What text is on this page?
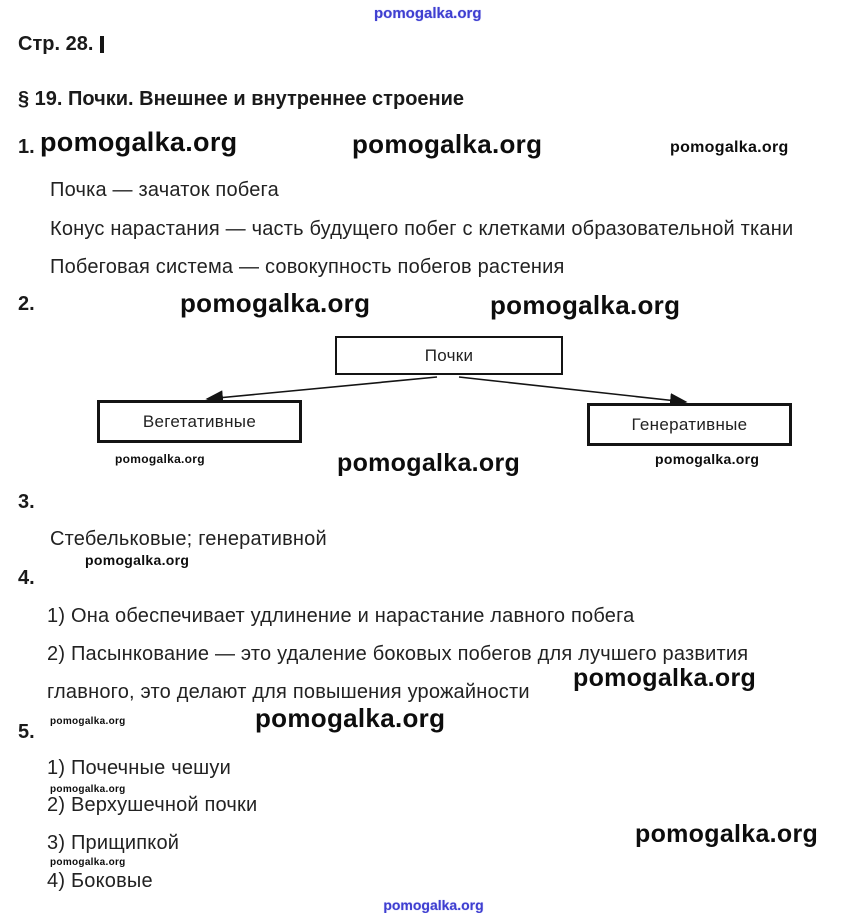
pomogalka.org
Стр. 28.
§ 19. Почки. Внешнее и внутреннее строение
1. pomogalka.org	pomogalka.org	pomogalka.org
Почка — зачаток побега
Конус нарастания — часть будущего побег с клетками образовательной ткани
Побеговая система — совокупность побегов растения
2.	pomogalka.org	pomogalka.org
Почки
Вегетативные	Генеративные
pomogalka.org	pomogalka.org	pomogalka.org
3.
Стебельковые; генеративной
pomogalka.org
4.
1) Она обеспечивает удлинение и нарастание лавного побега
2) Пасынкование — это удаление боковых побегов для лучшего развития
главного, это делают для повышения урожайности pomogalka.org
pomogalka.org	pomogalka.org
5.
1) Почечные чешуи
pomogalka.org
2) Верхушечной почки
3) Прищипкой	pomogalka.org
pomogalka.org
4) Боковые
pomogalka.org
